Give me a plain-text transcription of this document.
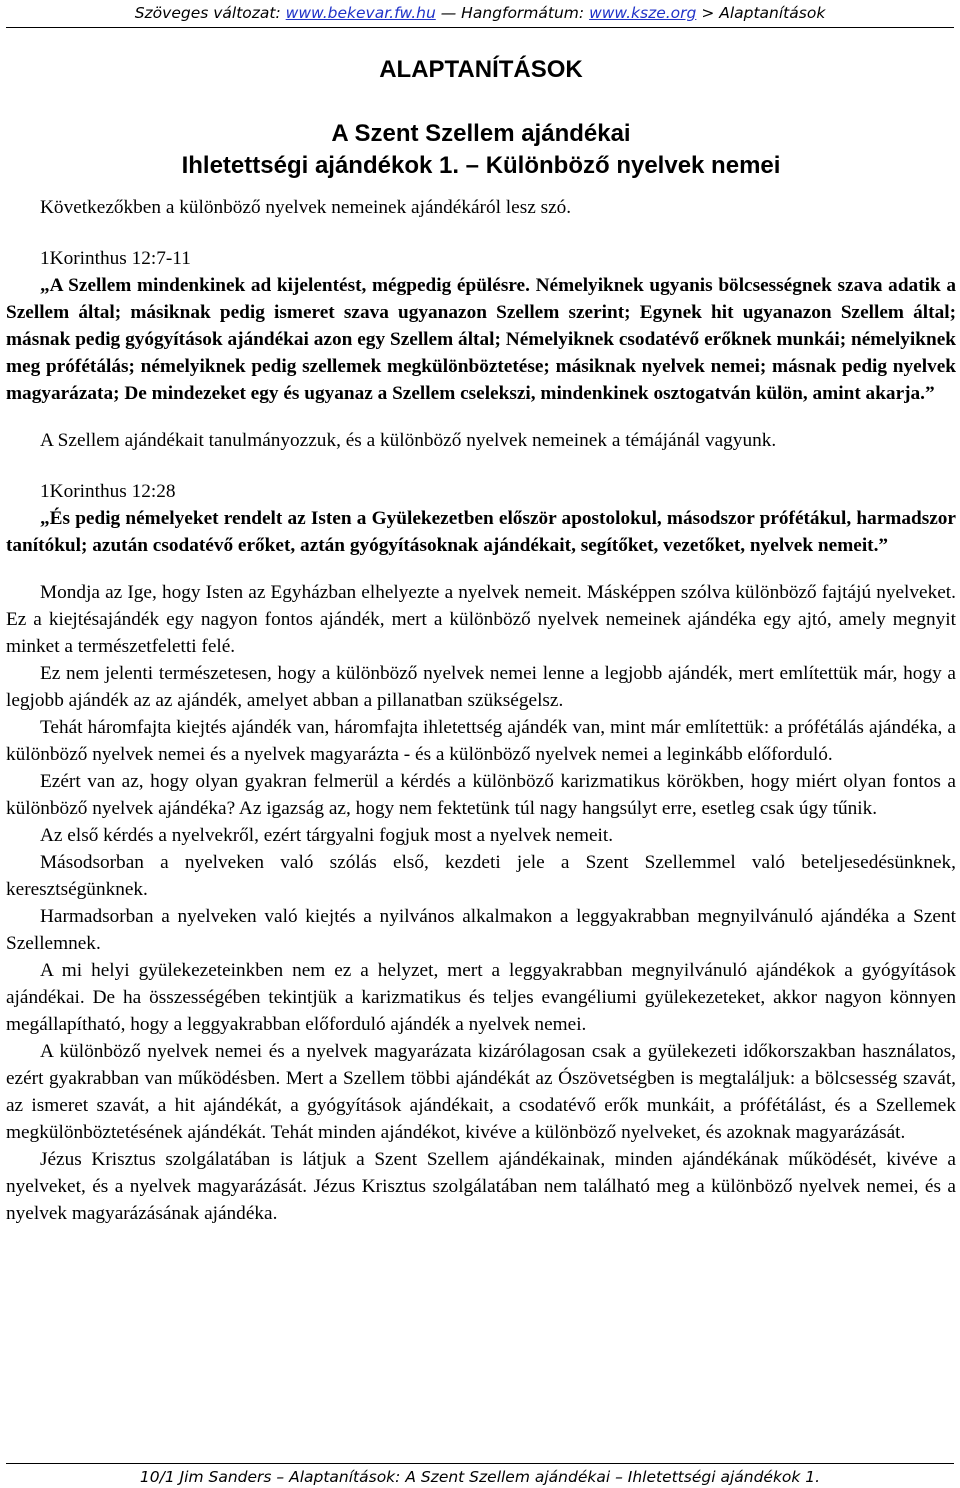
Szöveges változat: www.bekevar.fw.hu — Hangformátum: www.ksze.org > Alaptanítások
ALAPTANÍTÁSOK
A Szent Szellem ajándékai
Ihletettségi ajándékok 1. – Különböző nyelvek nemei

Következőkben a különböző nyelvek nemeinek ajándékáról lesz szó.

1Korinthus 12:7-11

„A Szellem mindenkinek ad kijelentést, mégpedig épülésre. Némelyiknek ugyanis bölcsességnek szava adatik a Szellem által; másiknak pedig ismeret szava ugyanazon Szellem szerint; Egynek hit ugyanazon Szellem által; másnak pedig gyógyítások ajándékai azon egy Szellem által; Némelyiknek csodatévő erőknek munkái; némelyiknek meg prófétálás; némelyiknek pedig szellemek megkülönböztetése; másiknak nyelvek nemei; másnak pedig nyelvek magyarázata; De mindezeket egy és ugyanaz a Szellem cselekszi, mindenkinek osztogatván külön, amint akarja.”

A Szellem ajándékait tanulmányozzuk, és a különböző nyelvek nemeinek a témájánál vagyunk.

1Korinthus 12:28

„És pedig némelyeket rendelt az Isten a Gyülekezetben először apostolokul, másodszor prófétákul, harmadszor tanítókul; azután csodatévő erőket, aztán gyógyításoknak ajándékait, segítőket, vezetőket, nyelvek nemeit.”

Mondja az Ige, hogy Isten az Egyházban elhelyezte a nyelvek nemeit. Másképpen szólva különböző fajtájú nyelveket. Ez a kiejtésajándék egy nagyon fontos ajándék, mert a különböző nyelvek nemeinek ajándéka egy ajtó, amely megnyit minket a természetfeletti felé.

Ez nem jelenti természetesen, hogy a különböző nyelvek nemei lenne a legjobb ajándék, mert említettük már, hogy a legjobb ajándék az az ajándék, amelyet abban a pillanatban szükségelsz.

Tehát háromfajta kiejtés ajándék van, háromfajta ihletettség ajándék van, mint már említettük: a prófétálás ajándéka, a különböző nyelvek nemei és a nyelvek magyarázta - és a különböző nyelvek nemei a leginkább előforduló.

Ezért van az, hogy olyan gyakran felmerül a kérdés a különböző karizmatikus körökben, hogy miért olyan fontos a különböző nyelvek ajándéka? Az igazság az, hogy nem fektetünk túl nagy hangsúlyt erre, esetleg csak úgy tűnik.

Az első kérdés a nyelvekről, ezért tárgyalni fogjuk most a nyelvek nemeit.

Másodsorban a nyelveken való szólás első, kezdeti jele a Szent Szellemmel való beteljesedésünknek, keresztségünknek.

Harmadsorban a nyelveken való kiejtés a nyilvános alkalmakon a leggyakrabban megnyilvánuló ajándéka a Szent Szellemnek.

A mi helyi gyülekezeteinkben nem ez a helyzet, mert a leggyakrabban megnyilvánuló ajándékok a gyógyítások ajándékai. De ha összességében tekintjük a karizmatikus és teljes evangéliumi gyülekezeteket, akkor nagyon könnyen megállapítható, hogy a leggyakrabban előforduló ajándék a nyelvek nemei.

A különböző nyelvek nemei és a nyelvek magyarázata kizárólagosan csak a gyülekezeti időkorszakban használatos, ezért gyakrabban van működésben. Mert a Szellem többi ajándékát az Ószövetségben is megtaláljuk: a bölcsesség szavát, az ismeret szavát, a hit ajándékát, a gyógyítások ajándékait, a csodatévő erők munkáit, a prófétálást, és a Szellemek megkülönböztetésének ajándékát. Tehát minden ajándékot, kivéve a különböző nyelveket, és azoknak magyarázását.

Jézus Krisztus szolgálatában is látjuk a Szent Szellem ajándékainak, minden ajándékának működését, kivéve a nyelveket, és a nyelvek magyarázását. Jézus Krisztus szolgálatában nem található meg a különböző nyelvek nemei, és a nyelvek magyarázásának ajándéka.

10/1 Jim Sanders – Alaptanítások: A Szent Szellem ajándékai – Ihletettségi ajándékok 1.
